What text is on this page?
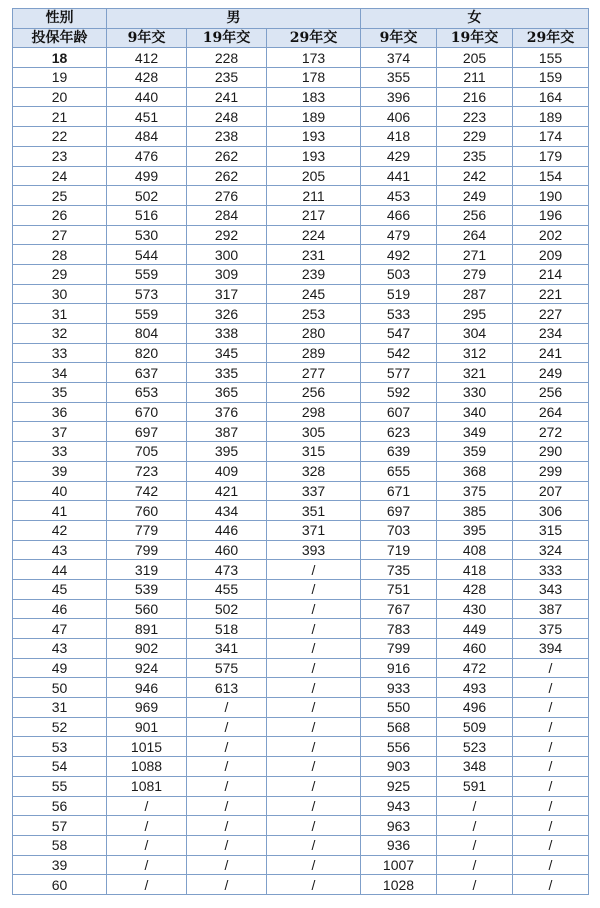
性别	男			女		
投保年龄	9年交	19年交	29年交	9年交	19年交	29年交
18	412	228	173	374	205	155
19	428	235	178	355	211	159
20	440	241	183	396	216	164
21	451	248	189	406	223	189
22	484	238	193	418	229	174
23	476	262	193	429	235	179
24	499	262	205	441	242	154
25	502	276	211	453	249	190
26	516	284	217	466	256	196
27	530	292	224	479	264	202
28	544	300	231	492	271	209
29	559	309	239	503	279	214
30	573	317	245	519	287	221
31	559	326	253	533	295	227
32	804	338	280	547	304	234
33	820	345	289	542	312	241
34	637	335	277	577	321	249
35	653	365	256	592	330	256
36	670	376	298	607	340	264
37	697	387	305	623	349	272
33	705	395	315	639	359	290
39	723	409	328	655	368	299
40	742	421	337	671	375	207
41	760	434	351	697	385	306
42	779	446	371	703	395	315
43	799	460	393	719	408	324
44	319	473	/	735	418	333
45	539	455	/	751	428	343
46	560	502	/	767	430	387
47	891	518	/	783	449	375
43	902	341	/	799	460	394
49	924	575	/	916	472	/
50	946	613	/	933	493	/
31	969	/	/	550	496	/
52	901	/	/	568	509	/
53	1015	/	/	556	523	/
54	1088	/	/	903	348	/
55	1081	/	/	925	591	/
56	/	/	/	943	/	/
57	/	/	/	963	/	/
58	/	/	/	936	/	/
39	/	/	/	1007	/	/
60	/	/	/	1028	/	/
